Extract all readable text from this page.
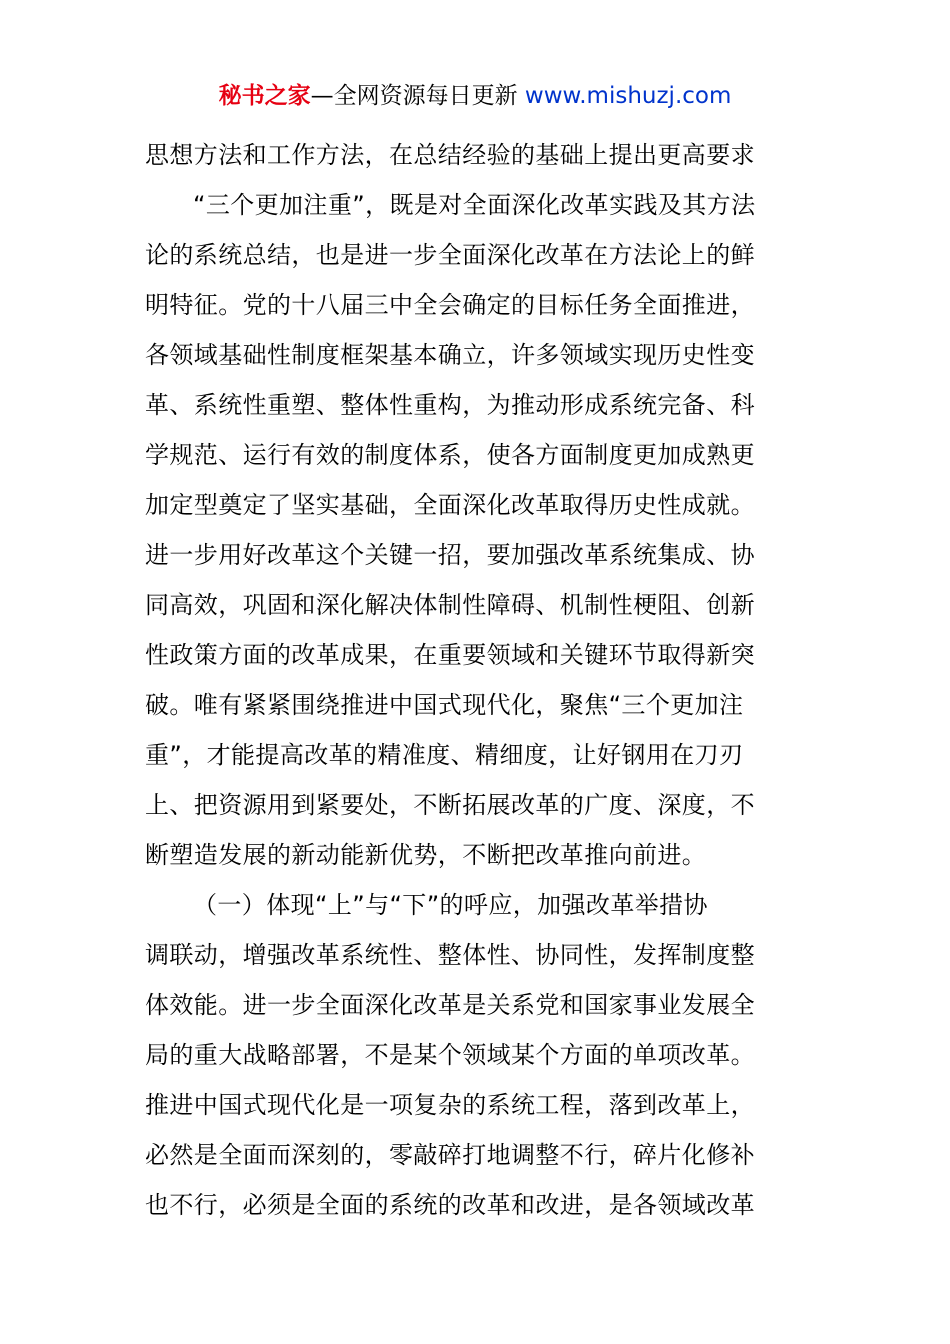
秘书之家—全网资源每日更新 www.mishuzj.com
思想方法和工作方法，在总结经验的基础上提出更高要求
“三个更加注重”，既是对全面深化改革实践及其方法
论的系统总结，也是进一步全面深化改革在方法论上的鲜
明特征。党的十八届三中全会确定的目标任务全面推进，
各领域基础性制度框架基本确立，许多领域实现历史性变
革、系统性重塑、整体性重构，为推动形成系统完备、科
学规范、运行有效的制度体系，使各方面制度更加成熟更
加定型奠定了坚实基础，全面深化改革取得历史性成就。
进一步用好改革这个关键一招，要加强改革系统集成、协
同高效，巩固和深化解决体制性障碍、机制性梗阻、创新
性政策方面的改革成果，在重要领域和关键环节取得新突
破。唯有紧紧围绕推进中国式现代化，聚焦“三个更加注
重”，才能提高改革的精准度、精细度，让好钢用在刀刃
上、把资源用到紧要处，不断拓展改革的广度、深度，不
断塑造发展的新动能新优势，不断把改革推向前进。
（一）体现“上”与“下”的呼应，加强改革举措协
调联动，增强改革系统性、整体性、协同性，发挥制度整
体效能。进一步全面深化改革是关系党和国家事业发展全
局的重大战略部署，不是某个领域某个方面的单项改革。
推进中国式现代化是一项复杂的系统工程，落到改革上，
必然是全面而深刻的，零敲碎打地调整不行，碎片化修补
也不行，必须是全面的系统的改革和改进，是各领域改革
